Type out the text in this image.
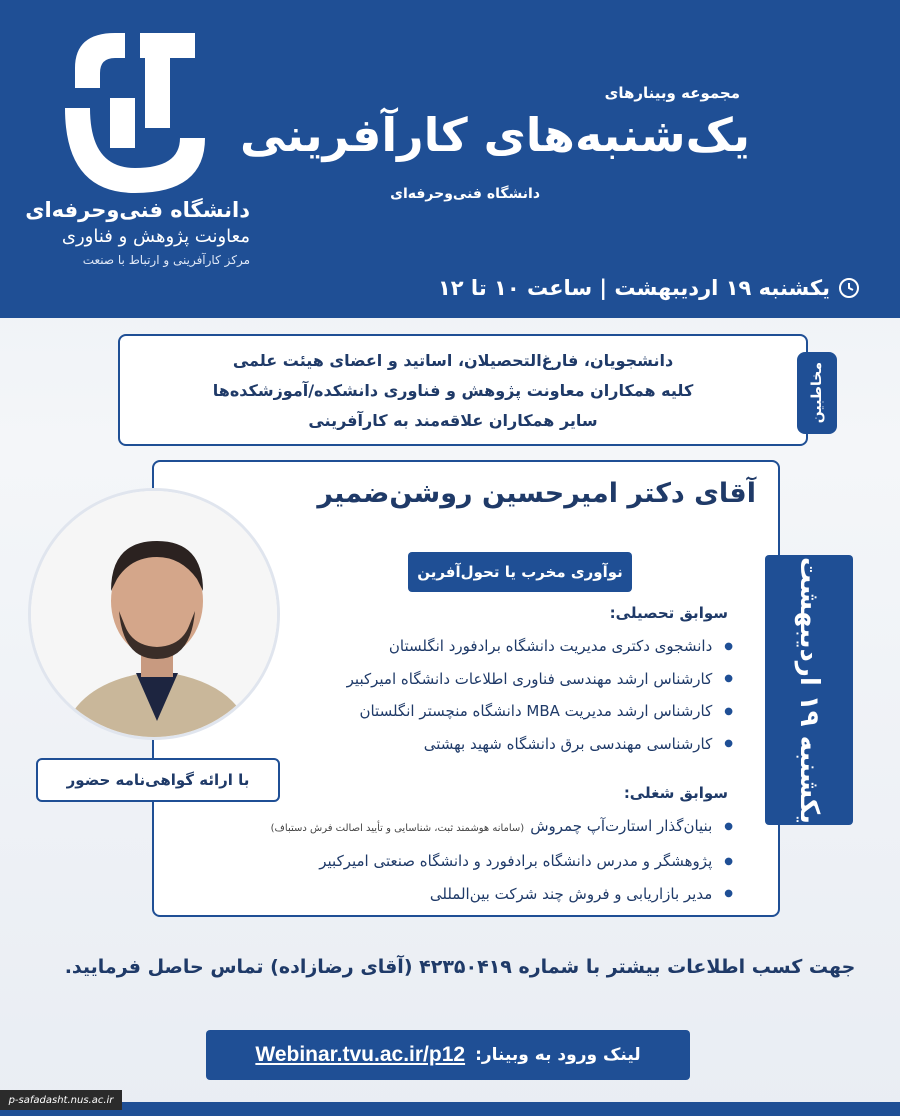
دانشگاه فنی‌وحرفه‌ای
معاونت پژوهش و فناوری
مرکز کارآفرینی و ارتباط با صنعت
مجموعه وبینارهای
یک‌شنبه‌های کارآفرینی
دانشگاه فنی‌وحرفه‌ای
یکشنبه ۱۹ اردیبهشت | ساعت ۱۰ تا ۱۲
دانشجویان، فارغ‌التحصیلان، اساتید و اعضای هیئت علمی
کلیه همکاران معاونت پژوهش و فناوری دانشکده/آموزشکده‌ها
سایر همکاران علاقه‌مند به کارآفرینی	مخاطبین
آقای دکتر امیرحسین روشن‌ضمیر
نوآوری مخرب یا تحول‌آفرین
سوابق تحصیلی:
● دانشجوی دکتری مدیریت دانشگاه برادفورد انگلستان
● کارشناس ارشد مهندسی فناوری اطلاعات دانشگاه امیرکبیر
● کارشناس ارشد مدیریت MBA دانشگاه منچستر انگلستان
● کارشناسی مهندسی برق دانشگاه شهید بهشتی
سوابق شغلی:
● بنیان‌گذار استارت‌آپ چمروش(سامانه هوشمند ثبت، شناسایی و تأیید اصالت فرش دستباف)
● پژوهشگر و مدرس دانشگاه برادفورد و دانشگاه صنعتی امیرکبیر
● مدیر بازاریابی و فروش چند شرکت بین‌المللی
یکشنبه ۱۹ اردیبهشت
با ارائه گواهی‌نامه حضور
جهت کسب اطلاعات بیشتر با شماره ۴۲۳۵۰۴۱۹ (آقای رضازاده) تماس حاصل فرمایید.
لینک ورود به وبینار:
Webinar.tvu.ac.ir/p12
p-safadasht.nus.ac.ir
